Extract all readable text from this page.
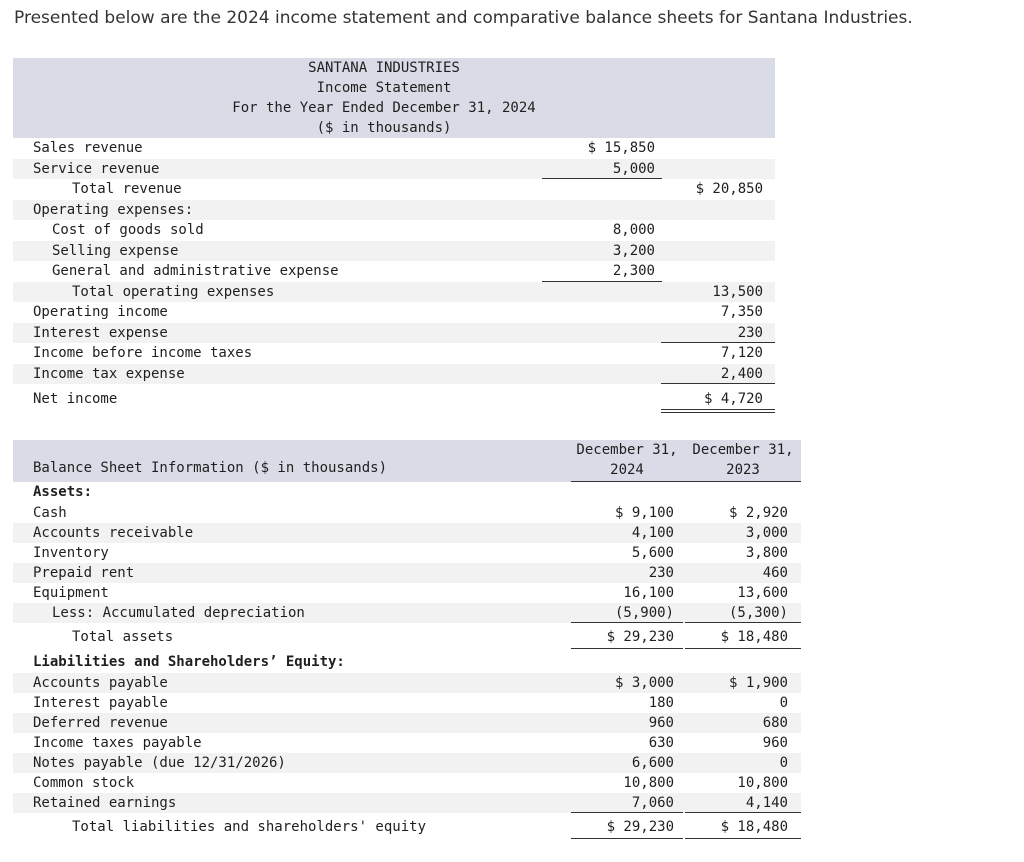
Presented below are the 2024 income statement and comparative balance sheets for Santana Industries.
SANTANA INDUSTRIES
Income Statement
For the Year Ended December 31, 2024
($ in thousands)
Sales revenue	$ 15,850
Service revenue	5,000
Total revenue	$ 20,850
Operating expenses:
Cost of goods sold	8,000
Selling expense	3,200
General and administrative expense	2,300
Total operating expenses	13,500
Operating income	7,350
Interest expense	230
Income before income taxes	7,120
Income tax expense	2,400
Net income	$ 4,720
Balance Sheet Information ($ in thousands)
December 31,
2024
December 31,
2023
Assets:
Cash	$ 9,100	$ 2,920
Accounts receivable	4,100	3,000
Inventory	5,600	3,800
Prepaid rent	230	460
Equipment	16,100	13,600
Less: Accumulated depreciation	(5,900)	(5,300)
Total assets	$ 29,230	$ 18,480
Liabilities and Shareholders’ Equity:
Accounts payable	$ 3,000	$ 1,900
Interest payable	180	0
Deferred revenue	960	680
Income taxes payable	630	960
Notes payable (due 12/31/2026)	6,600	0
Common stock	10,800	10,800
Retained earnings	7,060	4,140
Total liabilities and shareholders' equity	$ 29,230	$ 18,480
